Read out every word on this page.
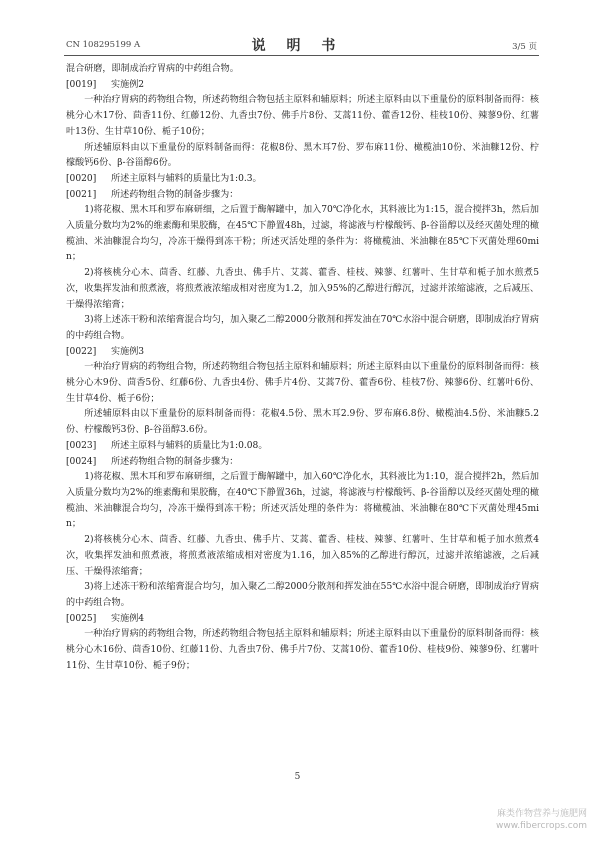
CN 108295199 A	说 明 书	3/5 页

混合研磨，即制成治疗胃病的中药组合物。

[0019]	实施例2

一种治疗胃病的药物组合物，所述药物组合物包括主原料和辅原料；所述主原料由以下重量份的原料制备而得：核桃分心木17份、茴香11份、红藤12份、九香虫7份、佛手片8份、艾蒿11份、藿香12份、桂枝10份、辣蓼9份、红薯叶13份、生甘草10份、栀子10份；

所述辅原料由以下重量份的原料制备而得：花椒8份、黑木耳7份、罗布麻11份、橄榄油10份、米油糠12份、柠檬酸钙6份、β-谷甾醇6份。

[0020]	所述主原料与辅料的质量比为1:0.3。
[0021]	所述药物组合物的制备步骤为：

1)将花椒、黑木耳和罗布麻研细，之后置于酶解罐中，加入70℃净化水，其料液比为1:15，混合搅拌3h，然后加入质量分数均为2%的维素酶和果胶酶，在45℃下静置48h，过滤，将滤液与柠檬酸钙、β-谷甾醇以及经灭菌处理的橄榄油、米油糠混合均匀，冷冻干燥得到冻干粉；所述灭活处理的条件为：将橄榄油、米油糠在85℃下灭菌处理60min；

2)将核桃分心木、茴香、红藤、九香虫、佛手片、艾蒿、藿香、桂枝、辣蓼、红薯叶、生甘草和栀子加水煎煮5次，收集挥发油和煎煮液，将煎煮液浓缩成相对密度为1.2，加入95%的乙醇进行醇沉，过滤并浓缩滤液，之后减压、干燥得浓缩膏；

3)将上述冻干粉和浓缩膏混合均匀，加入聚乙二醇2000分散剂和挥发油在70℃水浴中混合研磨，即制成治疗胃病的中药组合物。

[0022]	实施例3

一种治疗胃病的药物组合物，所述药物组合物包括主原料和辅原料；所述主原料由以下重量份的原料制备而得：核桃分心木9份、茴香5份、红藤6份、九香虫4份、佛手片4份、艾蒿7份、藿香6份、桂枝7份、辣蓼6份、红薯叶6份、生甘草4份、栀子6份；

所述辅原料由以下重量份的原料制备而得：花椒4.5份、黑木耳2.9份、罗布麻6.8份、橄榄油4.5份、米油糠5.2份、柠檬酸钙3份、β-谷甾醇3.6份。

[0023]	所述主原料与辅料的质量比为1:0.08。
[0024]	所述药物组合物的制备步骤为：

1)将花椒、黑木耳和罗布麻研细，之后置于酶解罐中，加入60℃净化水，其料液比为1:10，混合搅拌2h，然后加入质量分数均为2%的维素酶和果胶酶，在40℃下静置36h，过滤，将滤液与柠檬酸钙、β-谷甾醇以及经灭菌处理的橄榄油、米油糠混合均匀，冷冻干燥得到冻干粉；所述灭活处理的条件为：将橄榄油、米油糠在80℃下灭菌处理45min；

2)将核桃分心木、茴香、红藤、九香虫、佛手片、艾蒿、藿香、桂枝、辣蓼、红薯叶、生甘草和栀子加水煎煮4次，收集挥发油和煎煮液，将煎煮液浓缩成相对密度为1.16，加入85%的乙醇进行醇沉，过滤并浓缩滤液，之后减压、干燥得浓缩膏；

3)将上述冻干粉和浓缩膏混合均匀，加入聚乙二醇2000分散剂和挥发油在55℃水浴中混合研磨，即制成治疗胃病的中药组合物。

[0025]	实施例4

一种治疗胃病的药物组合物，所述药物组合物包括主原料和辅原料；所述主原料由以下重量份的原料制备而得：核桃分心木16份、茴香10份、红藤11份、九香虫7份、佛手片7份、艾蒿10份、藿香10份、桂枝9份、辣蓼9份、红薯叶11份、生甘草10份、栀子9份；

5
麻类作物营养与施肥网
www.fibercrops.com
